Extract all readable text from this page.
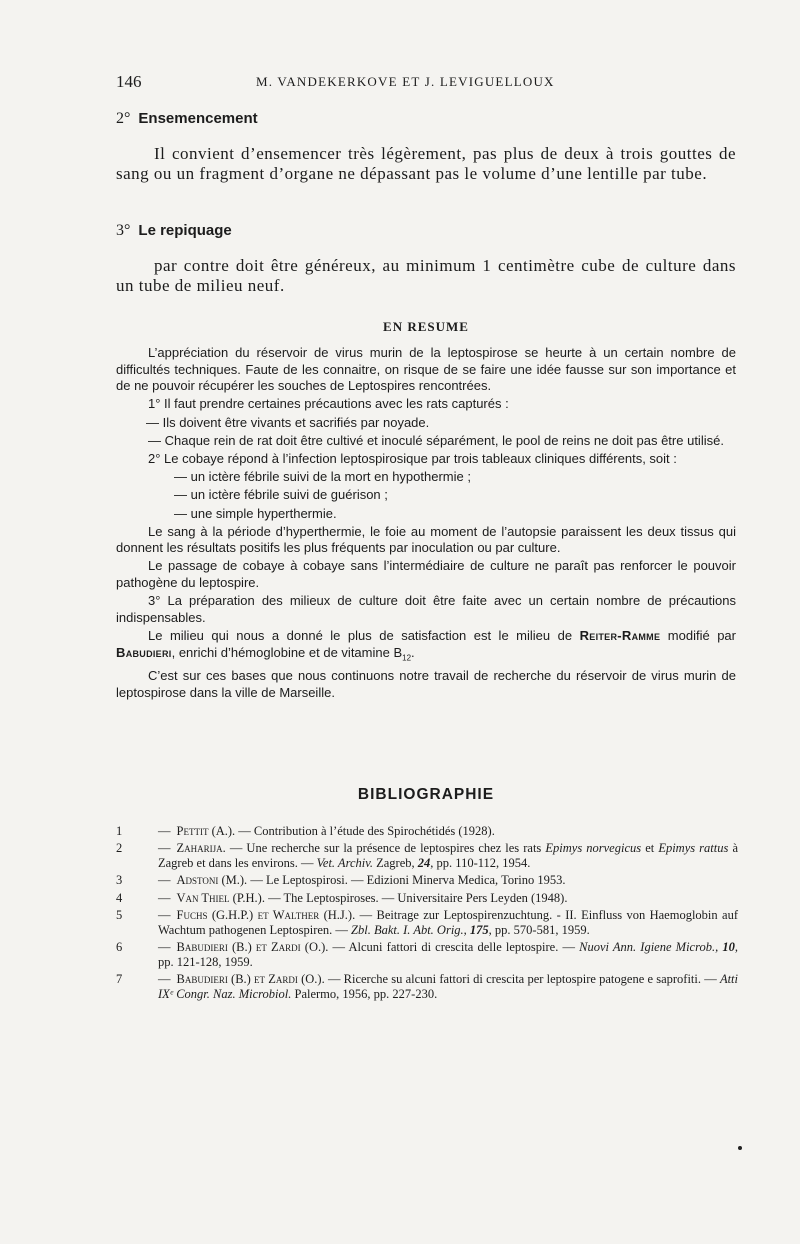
146	M. VANDEKERKOVE ET J. LEVIGUELLOUX
2° Ensemencement

Il convient d’ensemencer très légèrement, pas plus de deux à trois gouttes de sang ou un fragment d’organe ne dépassant pas le volume d’une lentille par tube.

3° Le repiquage

par contre doit être généreux, au minimum 1 centimètre cube de culture dans un tube de milieu neuf.

EN RESUME

L’appréciation du réservoir de virus murin de la leptospirose se heurte à un certain nombre de difficultés techniques. Faute de les connaitre, on risque de se faire une idée fausse sur son importance et de ne pouvoir récupérer les souches de Leptospires rencontrées.

1° Il faut prendre certaines précautions avec les rats capturés :

— Ils doivent être vivants et sacrifiés par noyade.

— Chaque rein de rat doit être cultivé et inoculé séparément, le pool de reins ne doit pas être utilisé.

2° Le cobaye répond à l’infection leptospirosique par trois tableaux cliniques différents, soit :

— un ictère fébrile suivi de la mort en hypothermie ;

— un ictère fébrile suivi de guérison ;

— une simple hyperthermie.

Le sang à la période d’hyperthermie, le foie au moment de l’autopsie paraissent les deux tissus qui donnent les résultats positifs les plus fréquents par inoculation ou par culture.

Le passage de cobaye à cobaye sans l’intermédiaire de culture ne paraît pas renforcer le pouvoir pathogène du leptospire.

3° La préparation des milieux de culture doit être faite avec un certain nombre de précautions indispensables.

Le milieu qui nous a donné le plus de satisfaction est le milieu de Reiter-Ramme modifié par Babudieri, enrichi d’hémoglobine et de vitamine $B_{12}$.

C’est sur ces bases que nous continuons notre travail de recherche du réservoir de virus murin de leptospirose dans la ville de Marseille.

BIBLIOGRAPHIE
1	— Pettit (A.). — Contribution à l’étude des Spirochétidés (1928).
2	— Zaharija. — Une recherche sur la présence de leptospires chez les rats Epimys norvegicus et Epimys rattus à Zagreb et dans les environs. — Vet. Archiv. Zagreb, 24, pp. 110-112, 1954.
3	— Adstoni (M.). — Le Leptospirosi. — Edizioni Minerva Medica, Torino 1953.
4	— Van Thiel (P.H.). — The Leptospiroses. — Universitaire Pers Leyden (1948).
5	— Fuchs (G.H.P.) et Walther (H.J.). — Beitrage zur Leptospirenzuchtung. - II. Einfluss von Haemoglobin auf Wachtum pathogenen Leptospiren. — Zbl. Bakt. I. Abt. Orig., 175, pp. 570-581, 1959.
6	— Babudieri (B.) et Zardi (O.). — Alcuni fattori di crescita delle leptospire. — Nuovi Ann. Igiene Microb., 10, pp. 121-128, 1959.
7	— Babudieri (B.) et Zardi (O.). — Ricerche su alcuni fattori di crescita per leptospire patogene e saprofiti. — Atti IXᵉ Congr. Naz. Microbiol. Palermo, 1956, pp. 227-230.
